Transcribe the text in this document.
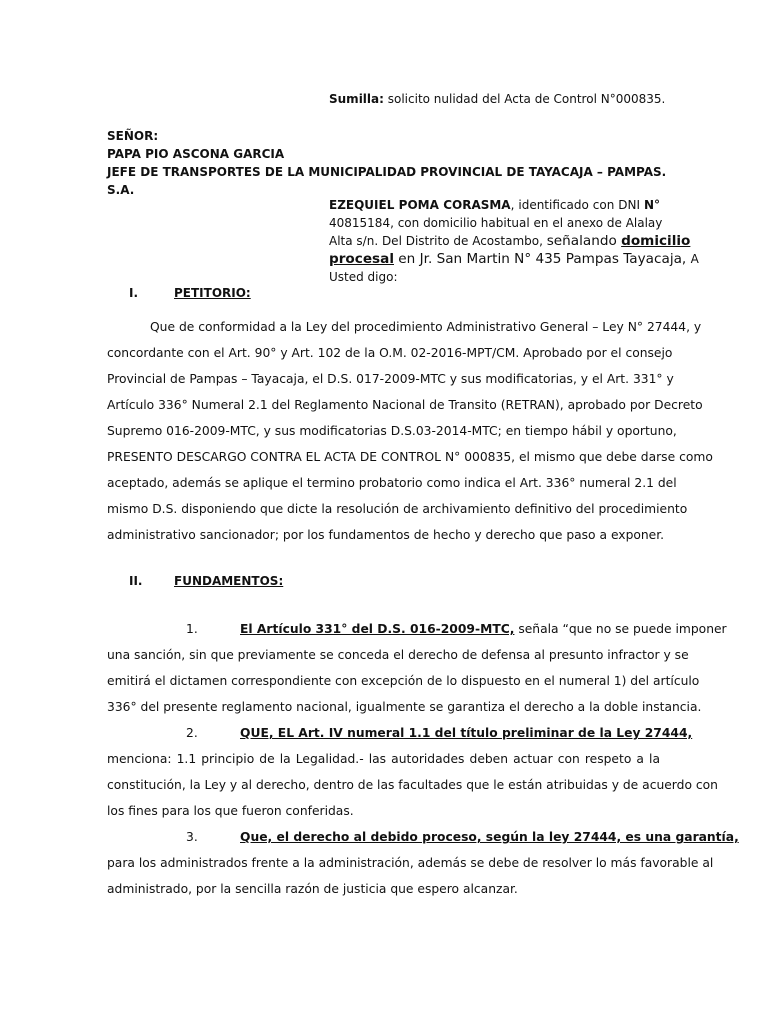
Sumilla: solicito nulidad del Acta de Control N°000835.
SEÑOR:
PAPA PIO ASCONA GARCIA
JEFE DE TRANSPORTES DE LA MUNICIPALIDAD PROVINCIAL DE TAYACAJA – PAMPAS.
S.A.
EZEQUIEL POMA CORASMA, identificado con DNI N°
40815184, con domicilio habitual en el anexo de Alalay
Alta s/n. Del Distrito de Acostambo, señalando domicilio
procesal en Jr. San Martin N° 435 Pampas Tayacaja, A
Usted digo:
I.	PETITORIO:
Que de conformidad a la Ley del procedimiento Administrativo General – Ley N° 27444, y
concordante con el Art. 90° y Art. 102 de la O.M. 02-2016-MPT/CM. Aprobado por el consejo
Provincial de Pampas – Tayacaja, el D.S. 017-2009-MTC y sus modificatorias, y el Art. 331° y
Artículo 336° Numeral 2.1 del Reglamento Nacional de Transito (RETRAN), aprobado por Decreto
Supremo 016-2009-MTC, y sus modificatorias D.S.03-2014-MTC; en tiempo hábil y oportuno,
PRESENTO DESCARGO CONTRA EL ACTA DE CONTROL N° 000835, el mismo que debe darse como
aceptado, además se aplique el termino probatorio como indica el Art. 336° numeral 2.1 del
mismo D.S. disponiendo que dicte la resolución de archivamiento definitivo del procedimiento
administrativo sancionador; por los fundamentos de hecho y derecho que paso a exponer.
II.	FUNDAMENTOS:
1.	El Artículo 331° del D.S. 016-2009-MTC, señala “que no se puede imponer
una sanción, sin que previamente se conceda el derecho de defensa al presunto infractor y se
emitirá el dictamen correspondiente con excepción de lo dispuesto en el numeral 1) del artículo
336° del presente reglamento nacional, igualmente se garantiza el derecho a la doble instancia.
2.	QUE, EL Art. IV numeral 1.1 del título preliminar de la Ley 27444,
menciona: 1.1 principio de la Legalidad.- las autoridades deben actuar con respeto a la
constitución, la Ley y al derecho, dentro de las facultades que le están atribuidas y de acuerdo con
los fines para los que fueron conferidas.
3.	Que, el derecho al debido proceso, según la ley 27444, es una garantía,
para los administrados frente a la administración, además se debe de resolver lo más favorable al
administrado, por la sencilla razón de justicia que espero alcanzar.
